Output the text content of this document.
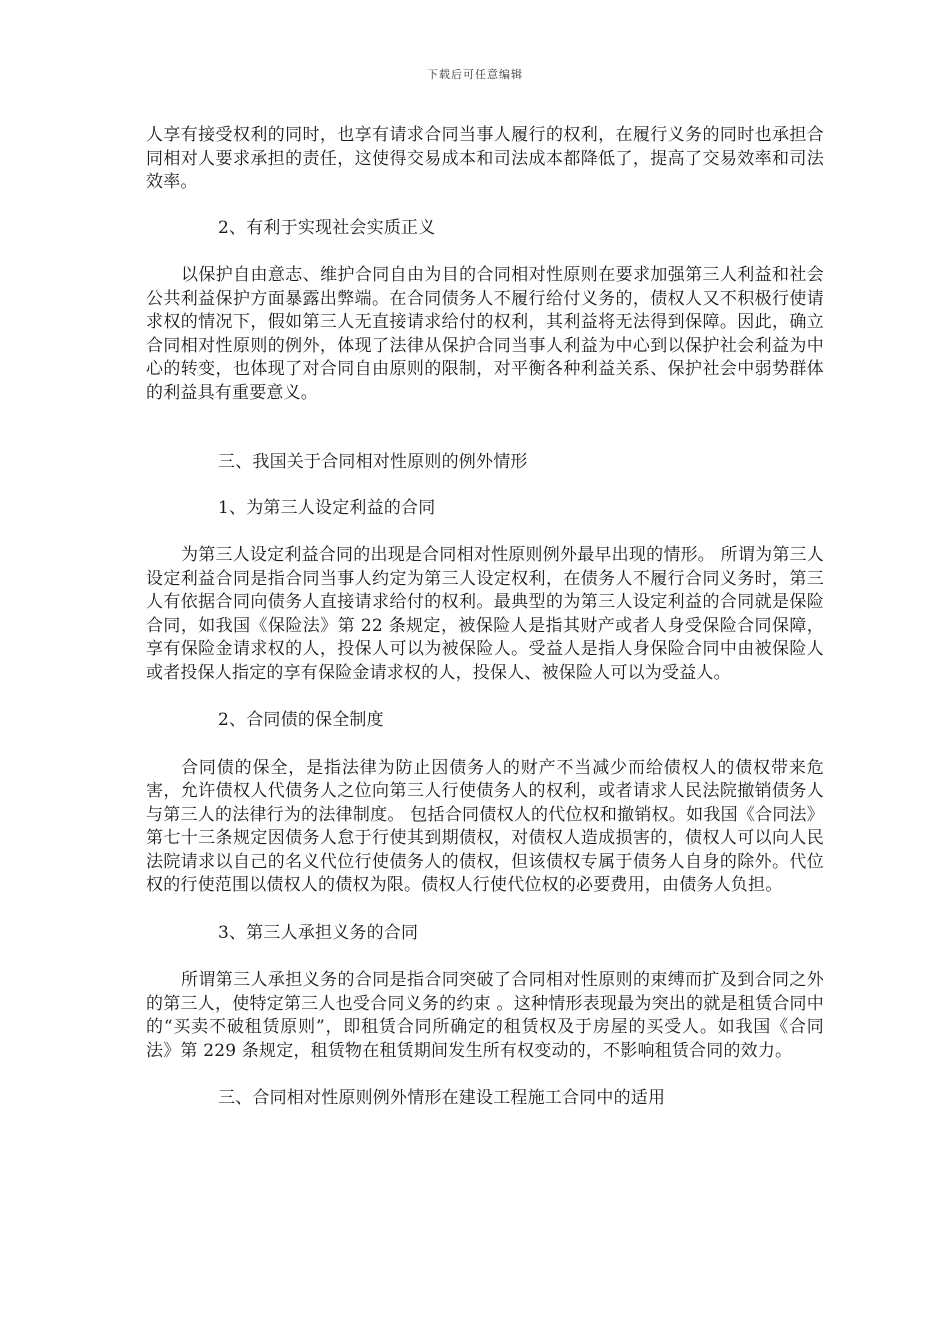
下载后可任意编辑

人享有接受权利的同时，也享有请求合同当事人履行的权利，在履行义务的同时也承担合同相对人要求承担的责任，这使得交易成本和司法成本都降低了，提高了交易效率和司法效率。

2、有利于实现社会实质正义

以保护自由意志、维护合同自由为目的合同相对性原则在要求加强第三人利益和社会公共利益保护方面暴露出弊端。在合同债务人不履行给付义务的，债权人又不积极行使请求权的情况下，假如第三人无直接请求给付的权利，其利益将无法得到保障。因此，确立合同相对性原则的例外，体现了法律从保护合同当事人利益为中心到以保护社会利益为中心的转变，也体现了对合同自由原则的限制，对平衡各种利益关系、保护社会中弱势群体的利益具有重要意义。

三、我国关于合同相对性原则的例外情形

1、为第三人设定利益的合同

为第三人设定利益合同的出现是合同相对性原则例外最早出现的情形。 所谓为第三人设定利益合同是指合同当事人约定为第三人设定权利，在债务人不履行合同义务时，第三人有依据合同向债务人直接请求给付的权利。最典型的为第三人设定利益的合同就是保险合同，如我国《保险法》第 22 条规定，被保险人是指其财产或者人身受保险合同保障，享有保险金请求权的人，投保人可以为被保险人。受益人是指人身保险合同中由被保险人或者投保人指定的享有保险金请求权的人，投保人、被保险人可以为受益人。

2、合同债的保全制度

合同债的保全，是指法律为防止因债务人的财产不当减少而给债权人的债权带来危害，允许债权人代债务人之位向第三人行使债务人的权利，或者请求人民法院撤销债务人与第三人的法律行为的法律制度。 包括合同债权人的代位权和撤销权。如我国《合同法》第七十三条规定因债务人怠于行使其到期债权，对债权人造成损害的，债权人可以向人民法院请求以自己的名义代位行使债务人的债权，但该债权专属于债务人自身的除外。代位权的行使范围以债权人的债权为限。债权人行使代位权的必要费用，由债务人负担。

3、第三人承担义务的合同

所谓第三人承担义务的合同是指合同突破了合同相对性原则的束缚而扩及到合同之外的第三人，使特定第三人也受合同义务的约束 。这种情形表现最为突出的就是租赁合同中的“买卖不破租赁原则”，即租赁合同所确定的租赁权及于房屋的买受人。如我国《合同法》第 229 条规定，租赁物在租赁期间发生所有权变动的，不影响租赁合同的效力。

三、合同相对性原则例外情形在建设工程施工合同中的适用
